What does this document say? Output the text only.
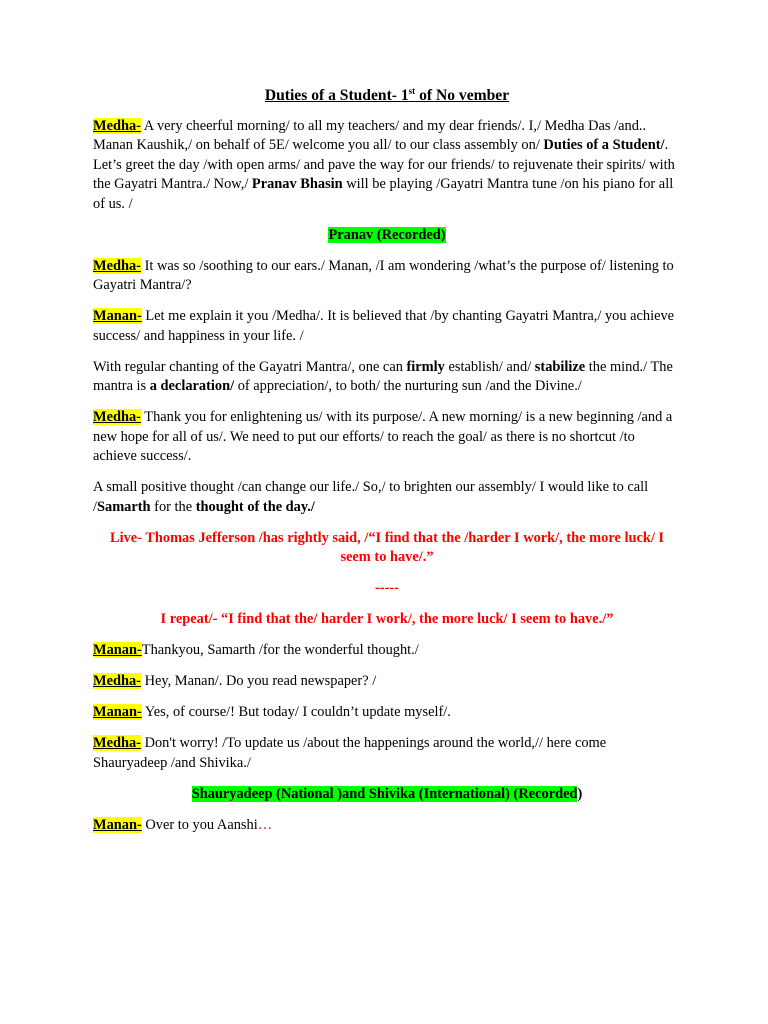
Duties of a Student- 1st of No vember

Medha- A very cheerful morning/ to all my teachers/ and my dear friends/. I,/ Medha Das /and.. Manan Kaushik,/ on behalf of 5E/ welcome you all/ to our class assembly on/ Duties of a Student/. Let’s greet the day /with open arms/ and pave the way for our friends/ to rejuvenate their spirits/ with the Gayatri Mantra./ Now,/ Pranav Bhasin will be playing /Gayatri Mantra tune /on his piano for all of us. /

Pranav (Recorded)

Medha- It was so /soothing to our ears./ Manan, /I am wondering /what’s the purpose of/ listening to Gayatri Mantra/?

Manan- Let me explain it you /Medha/. It is believed that /by chanting Gayatri Mantra,/ you achieve success/ and happiness in your life. /

With regular chanting of the Gayatri Mantra/, one can firmly establish/ and/ stabilize the mind./ The mantra is a declaration/ of appreciation/, to both/ the nurturing sun /and the Divine./

Medha- Thank you for enlightening us/ with its purpose/. A new morning/ is a new beginning /and a new hope for all of us/. We need to put our efforts/ to reach the goal/ as there is no shortcut /to achieve success/.

A small positive thought /can change our life./ So,/ to brighten our assembly/ I would like to call /Samarth for the thought of the day./

Live- Thomas Jefferson /has rightly said, /“I find that the /harder I work/, the more luck/ I seem to have/.”

-----

I repeat/- “I find that the/ harder I work/, the more luck/ I seem to have./”

Manan-Thankyou, Samarth /for the wonderful thought./

Medha- Hey, Manan/. Do you read newspaper? /

Manan- Yes, of course/! But today/ I couldn’t update myself/.

Medha- Don't worry! /To update us /about the happenings around the world,// here come Shauryadeep /and Shivika./

Shauryadeep (National )and Shivika (International) (Recorded)

Manan- Over to you Aanshi…
